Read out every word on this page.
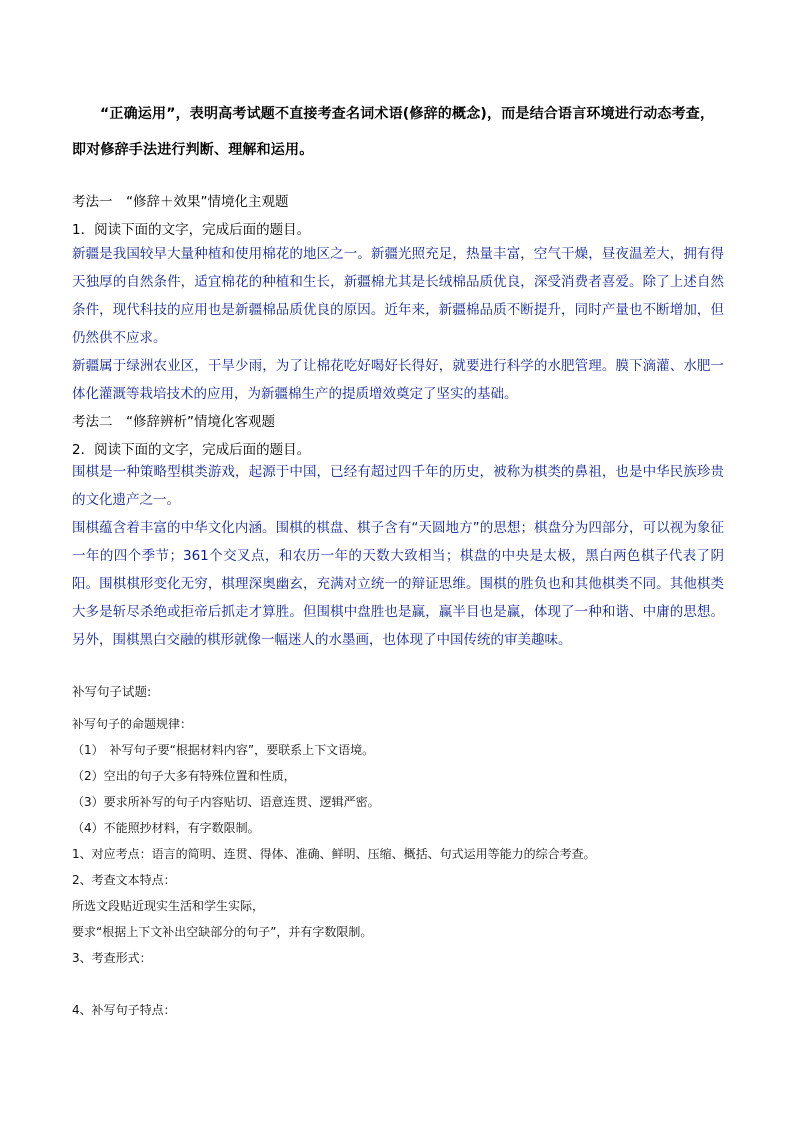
“正确运用”，表明高考试题不直接考查名词术语(修辞的概念)，而是结合语言环境进行动态考查，即对修辞手法进行判断、理解和运用。

考法一　“修辞＋效果”情境化主观题

1．阅读下面的文字，完成后面的题目。

新疆是我国较早大量种植和使用棉花的地区之一。新疆光照充足，热量丰富，空气干燥，昼夜温差大，拥有得天独厚的自然条件，适宜棉花的种植和生长，新疆棉尤其是长绒棉品质优良，深受消费者喜爱。除了上述自然条件，现代科技的应用也是新疆棉品质优良的原因。近年来，新疆棉品质不断提升，同时产量也不断增加，但仍然供不应求。

新疆属于绿洲农业区，干旱少雨，为了让棉花吃好喝好长得好，就要进行科学的水肥管理。膜下滴灌、水肥一体化灌溉等栽培技术的应用，为新疆棉生产的提质增效奠定了坚实的基础。

考法二　“修辞辨析”情境化客观题

2．阅读下面的文字，完成后面的题目。

围棋是一种策略型棋类游戏，起源于中国，已经有超过四千年的历史，被称为棋类的鼻祖，也是中华民族珍贵的文化遗产之一。

围棋蕴含着丰富的中华文化内涵。围棋的棋盘、棋子含有“天圆地方”的思想；棋盘分为四部分，可以视为象征一年的四个季节；361个交叉点，和农历一年的天数大致相当；棋盘的中央是太极，黑白两色棋子代表了阴阳。围棋棋形变化无穷，棋理深奥幽玄，充满对立统一的辩证思维。围棋的胜负也和其他棋类不同。其他棋类大多是斩尽杀绝或拒帝后抓走才算胜。但围棋中盘胜也是赢，赢半目也是赢，体现了一种和谐、中庸的思想。另外，围棋黑白交融的棋形就像一幅迷人的水墨画，也体现了中国传统的审美趣味。

补写句子试题:

补写句子的命题规律：

（1）　补写句子要“根据材料内容”，要联系上下文语境。

（2）空出的句子大多有特殊位置和性质，

（3）要求所补写的句子内容贴切、语意连贯、逻辑严密。

（4）不能照抄材料，有字数限制。

1、对应考点：语言的简明、连贯、得体、准确、鲜明、压缩、概括、句式运用等能力的综合考查。

2、考查文本特点：

所选文段贴近现实生活和学生实际，

要求“根据上下文补出空缺部分的句子”，并有字数限制。

3、考查形式：

4、补写句子特点：
